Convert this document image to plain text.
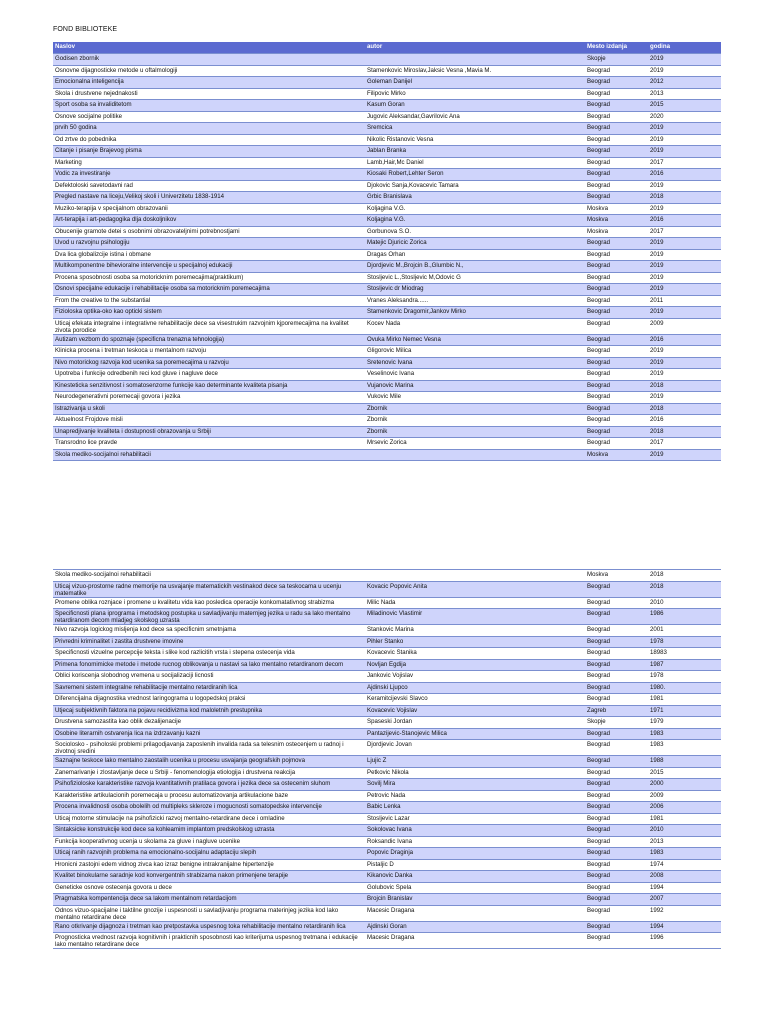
FOND BIBLIOTEKE
Naslov	autor	Mesto izdanja	godina
Godisen zbornik		Skopje	2019
Osnovne dijagnosticke metode u oftalmologiji	Stamenkovic Miroslav,Jaksic Vesna ,Mavia M.	Beograd	2019
Emocionalna inteligencija	Goleman Danijel	Beograd	2012
Skola i drustvene nejednakosti	Filipovic Mirko	Beograd	2013
Sport osoba sa invaliditetom	Kasum Goran	Beograd	2015
Osnove socijalne politike	Jugovic Aleksandar,Gavrilovic Ana	Beograd	2020
prvih 50 godina	Sremcica	Beograd	2019
Od zrtve do pobednika	Nikolic Ristanovic Vesna	Beograd	2019
Citanje i pisanje Brajevog pisma	Jablan Branka	Beograd	2019
Marketing	Lamb,Hair,Mc Daniel	Beograd	2017
Vodic za investiranje	Kiosaki Robert,Lehter Seron	Beograd	2016
Defektoloski savetodavni rad	Djokovic Sanja,Kovacevic Tamara	Beograd	2019
Pregled nastave na liceju,Velikoj skoli i Univerzitetu 1838-1914	Grbic Branislava	Beograd	2018
Muziko-terapija v specijalnom obrazovanii	Koljagina V.G.	Moskva	2019
Art-terapija i art-pedagogika dlja doskoljnikov	Koljagina V.G.	Moskva	2016
Obucenije gramote detei s osobnimi obrazovateljnimi potrebnostjami	Gorbunova S.O.	Moskva	2017
Uvod u razvojnu psihologiju	Matejic Djuricic Zorica	Beograd	2019
Dva lica globalizcije istina i obmane	Dragas Orhan	Beograd	2019
Multikomponentne bihevioralne intervencije u specijalnoj edukaciji	Djordjevic M.,Brojcin B.,Glumbic N.,	Beograd	2019
Procena sposobnosti osoba sa motoricknim poremecajima(praktikum)	Stosljevic L.,Stosljevic M,Odovic G	Beograd	2019
Osnovi specijalne edukacije i rehabilitacije osoba sa motoricknim poremecajima	Stosljevic dr Miodrag	Beograd	2019
From the creative to the substantial	Vranes Aleksandra......	Beograd	2011
Fizioloska optika-oko kao opticki sistem	Stamenkovic Dragomir,Jankov Mirko	Beograd	2019
Uticaj efekata integralne i integrativne rehabilitacije dece sa visestrukim razvojnim kjporemecajima na kvalitet zivota porodice	Kocev Nada	Beograd	2009
Autizam vezbom do spoznaje (specificna trenazna tehnologija)	Ovuka Mirko Nemec Vesna	Beograd	2016
Klinicka procena i tretman teskoca u mentalnom razvoju	Gligorovic Milica	Beograd	2019
Nivo motorickog razvoja kod ucenika sa poremecajima u razvoju	Sretenovic Ivana	Beograd	2019
Upotreba i funkcije odredbenih reci kod gluve i nagluve dece	Veselinovic Ivana	Beograd	2019
Kinesteticka senzitivnost i somatosenzorne funkcije kao determinante kvaliteta pisanja	Vujanovic Marina	Beograd	2018
Neurodegenerativni poremecaji govora i jezika	Vukovic Mile	Beograd	2019
Istrazivanja u skoli	Zbornik	Beograd	2018
Aktuelnost Frojdove misli	Zbornik	Beograd	2016
Unapredjivanje kvaliteta i dostupnosti obrazovanja u Srbiji	Zbornik	Beograd	2018
Transrodno lice pravde	Mrsevic Zorica	Beograd	2017
Skola mediko-socijalnoi rehabilitacii		Moskva	2019
Skola mediko-socijalnoi rehabilitacii		Moskva	2018
Uticaj vizuo-prostorne radne memorije na usvajanje matematickih vestinakod dece sa teskocama u ucenju matematike	Kovacic Popovic Anita	Beograd	2018
Promene oblika roznjace i promene u kvalitetu vida kao posledica operacije konkomatativnog strabizma	Milic Nada	Beograd	2010
Specificnosti plana iprograma i metodskog postupka u savladjivanju maternjeg jezika u radu sa lako mentalno retardiranom decom mladjeg skolskog uzrasta	Miladinovic Vlastimir	Beograd	1986
Nivo razvoja logickog misljenja kod dece sa specificnim smetnjama	Stankovic Marina	Beograd	2001
Privredni kriminalitet i zastita drustvene imovine	Pihler Stanko	Beograd	1978
Specificnosti vizuelne percepcije teksta i slike kod razlicitih vrsta i stepena ostecenja vida	Kovacevic Stanika	Beograd	18983
Primena fonomimicke metode i metode rucnog oblikovanja u nastavi sa lako mentalno retardiranom decom	Novljan Egdija	Beograd	1987
Oblici koriscenja slobodnog vremena u socijalizaciji licnosti	Jankovic Vojislav	Beograd	1978
Savremeni sistem integralne rehabilitacije mentalno retardiranih lica	Ajdinski Ljupco	Beograd	1980.
Diferencijalna dijagnostika vrednost laringograma u logopedskoj praksi	Keramitcijevski Slavco	Beograd	1981
Utjecaj subjektivnih faktora na pojavu recidivizma kod maloletnih prestupnika	Kovacevic Vojislav	Zagreb	1971
Drustvena samozastita kao oblik dezalijenacije	Spaseski Jordan	Skopje	1979
Osobine literarnih ostvarenja lica na izdrzavanju kazni	Pantazijevic-Stanojevic Milica	Beograd	1983
Sociolosko - psiholoski problemi prilagodjavanja zaposlenih invalida rada sa telesnim ostecenjem u radnoj i zivotnoj sredini	Djordjevic Jovan	Beograd	1983
Saznajne teskoce lako mentalno zaostalih ucenika u procesu usvajanja geografskih pojmova	Ljujic Z	Beograd	1988
Zanemarivanje i zlostavljanje dece u Srbiji - fenomenologija etiologija i drustvena reakcija	Petkovic Nikola	Beograd	2015
Psihofizioloske karakteristike razvoja kvantitativnih pratilaca govora i jezika dece sa ostecenim sluhom	Sovilj Mira	Beograd	2000
Karakteristike artikulacionih poremecaja u procesu automatizovanja artikulacione baze	Petrovic Nada	Beograd	2009
Procena invalidnosti osoba obolelih od multipleks skleroze i mogucnosti somatopedske intervencije	Babic Lenka	Beograd	2006
Uticaj motorne stimulacije na psihofizicki razvoj mentalno-retardirane dece i omladine	Stosljevic Lazar	Beograd	1981
Sintaksicke konstrukcije kod dece sa kohleamim implantom predskolskog uzrasta	Sokolovac Ivana	Beograd	2010
Funkcija kooperativnog ucenja u skolama za gluve i nagluve ucenike	Roksandic Ivana	Beograd	2013
Uticaj ranih razvojnih problema na emocionalno-socijalnu adaptaciju slepih	Popovic Draginja	Beograd	1983
Hronicni zastojni edem vidnog zivca kao izraz benigne intrakranijalne hipertenzije	Pistaljic D	Beograd	1974
Kvalitet binokularne saradnje kod konvergentnih strabizama nakon primenjene terapije	Kikanovic Danka	Beograd	2008
Geneticke osnove ostecenja govora u dece	Golubovic Spela	Beograd	1994
Pragmatska kompentencija dece sa lakom mentalnom retardacijom	Brojcin Branislav	Beograd	2007
Odnos vizuo-spacijalne i taktilne gnozije i uspesnosti u savladjivanju programa materinjeg jezika kod lako mentalno retardirane dece	Macesic Dragana	Beograd	1992
Rano otkrivanje dijagnoza i tretman kao pretpostavka uspesnog toka rehabilitacije mentalno retardiranih lica	Ajdinski Goran	Beograd	1994
Prognosticka vrednost razvoja kognitivnih i prakticnih sposobnosti kao kriterijuma uspesnog tretmana i edukacije lako mentalno retardirane dece	Macesic Dragana	Beograd	1996
